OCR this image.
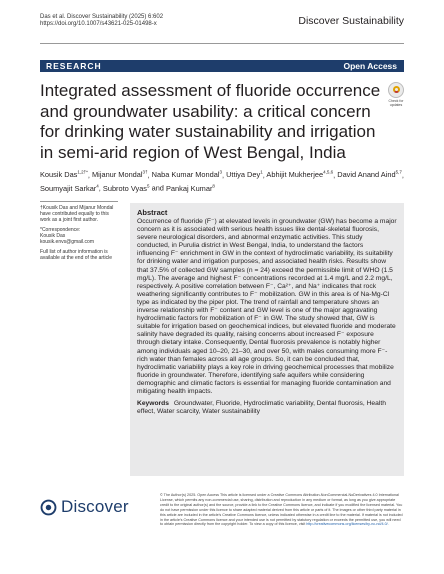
Das et al. Discover Sustainability (2025) 6:602
https://doi.org/10.1007/s43621-025-01498-x	Discover Sustainability
RESEARCH	Open Access
Check for
updates
Integrated assessment of fluoride occurrence and groundwater usability: a critical concern for drinking water sustainability and irrigation in semi-arid region of West Bengal, India
Kousik Das$^{1,2\dagger*}$, Mijanur Mondal$^{3\dagger}$, Naba Kumar Mondal$^3$, Uttiya Dey$^1$, Abhijit Mukherjee$^{4,5,6}$, David Anand Aind$^{5,7}$, Soumyajit Sarkar$^4$, Subroto Vyas$^5$ and Pankaj Kumar$^8$

†Kousik Das and Mijanur Mondal have contributed equally to this work as a joint first author.

*Correspondence:
Kousik Das
kousik.envs@gmail.com

Full list of author information is available at the end of the article

Abstract

Occurrence of fluoride (F⁻) at elevated levels in groundwater (GW) has become a major concern as it is associated with serious health issues like dental-skeletal fluorosis, severe neurological disorders, and abnormal enzymatic activities. This study conducted, in Purulia district in West Bengal, India, to understand the factors influencing F⁻ enrichment in GW in the context of hydroclimatic variability, its suitability for drinking water and irrigation purposes, and associated health risks. Results show that 37.5% of collected GW samples (n = 24) exceed the permissible limit of WHO (1.5 mg/L). The average and highest F⁻ concentrations recorded at 1.4 mg/L and 2.2 mg/L, respectively. A positive correlation between F⁻, Ca²⁺, and Na⁺ indicates that rock weathering significantly contributes to F⁻ mobilization. GW in this area is of Na-Mg-Cl type as indicated by the piper plot. The trend of rainfall and temperature shows an inverse relationship with F⁻ content and GW level is one of the major aggravating hydroclimatic factors for mobilization of F⁻ in GW. The study showed that, GW is suitable for irrigation based on geochemical indices, but elevated fluoride and moderate salinity have degraded its quality, raising concerns about increased F⁻ exposure through dietary intake. Consequently, Dental fluorosis prevalence is notably higher among individuals aged 10–20, 21–30, and over 50, with males consuming more F⁻-rich water than females across all age groups. So, it can be concluded that, hydroclimatic variability plays a key role in driving geochemical processes that mobilize fluoride in groundwater. Therefore, identifying safe aquifers while considering demographic and climatic factors is essential for managing fluoride contamination and mitigating health impacts.

Keywords Groundwater, Fluoride, Hydroclimatic variability, Dental fluorosis, Health effect, Water scarcity, Water sustainability
Discover
© The Author(s) 2025. Open Access This article is licensed under a Creative Commons Attribution-NonCommercial-NoDerivatives 4.0 International License, which permits any non-commercial use, sharing, distribution and reproduction in any medium or format, as long as you give appropriate credit to the original author(s) and the source, provide a link to the Creative Commons licence, and indicate if you modified the licensed material. You do not have permission under this licence to share adapted material derived from this article or parts of it. The images or other third party material in this article are included in the article’s Creative Commons licence, unless indicated otherwise in a credit line to the material. If material is not included in the article’s Creative Commons licence and your intended use is not permitted by statutory regulation or exceeds the permitted use, you will need to obtain permission directly from the copyright holder. To view a copy of this licence, visit http://creativecommons.org/licenses/by-nc-nd/4.0/.
